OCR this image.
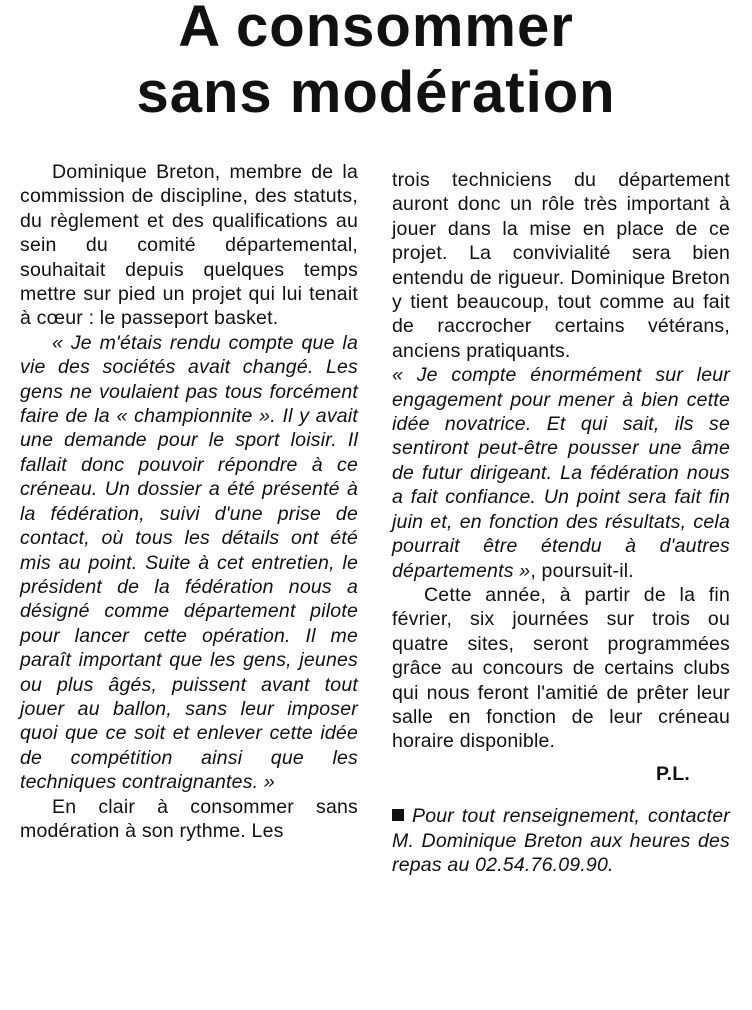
A consommer
sans modération

Dominique Breton, membre de la commission de discipline, des statuts, du règlement et des qualifications au sein du comité départemental, souhaitait depuis quelques temps mettre sur pied un projet qui lui tenait à cœur : le passeport basket.

« Je m'étais rendu compte que la vie des sociétés avait changé. Les gens ne voulaient pas tous forcément faire de la « championnite ». Il y avait une demande pour le sport loisir. Il fallait donc pouvoir répondre à ce créneau. Un dossier a été présenté à la fédération, suivi d'une prise de contact, où tous les détails ont été mis au point. Suite à cet entretien, le président de la fédération nous a désigné comme département pilote pour lancer cette opération. Il me paraît important que les gens, jeunes ou plus âgés, puissent avant tout jouer au ballon, sans leur imposer quoi que ce soit et enlever cette idée de compétition ainsi que les techniques contraignantes. »

En clair à consommer sans modération à son rythme. Les

trois techniciens du département auront donc un rôle très important à jouer dans la mise en place de ce projet. La convivialité sera bien entendu de rigueur. Dominique Breton y tient beaucoup, tout comme au fait de raccrocher certains vétérans, anciens pratiquants.

« Je compte énormément sur leur engagement pour mener à bien cette idée novatrice. Et qui sait, ils se sentiront peut-être pousser une âme de futur dirigeant. La fédération nous a fait confiance. Un point sera fait fin juin et, en fonction des résultats, cela pourrait être étendu à d'autres départements », poursuit-il.

Cette année, à partir de la fin février, six journées sur trois ou quatre sites, seront programmées grâce au concours de certains clubs qui nous feront l'amitié de prêter leur salle en fonction de leur créneau horaire disponible.

P.L.

Pour tout renseignement, contacter M. Dominique Breton aux heures des repas au 02.54.76.09.90.
